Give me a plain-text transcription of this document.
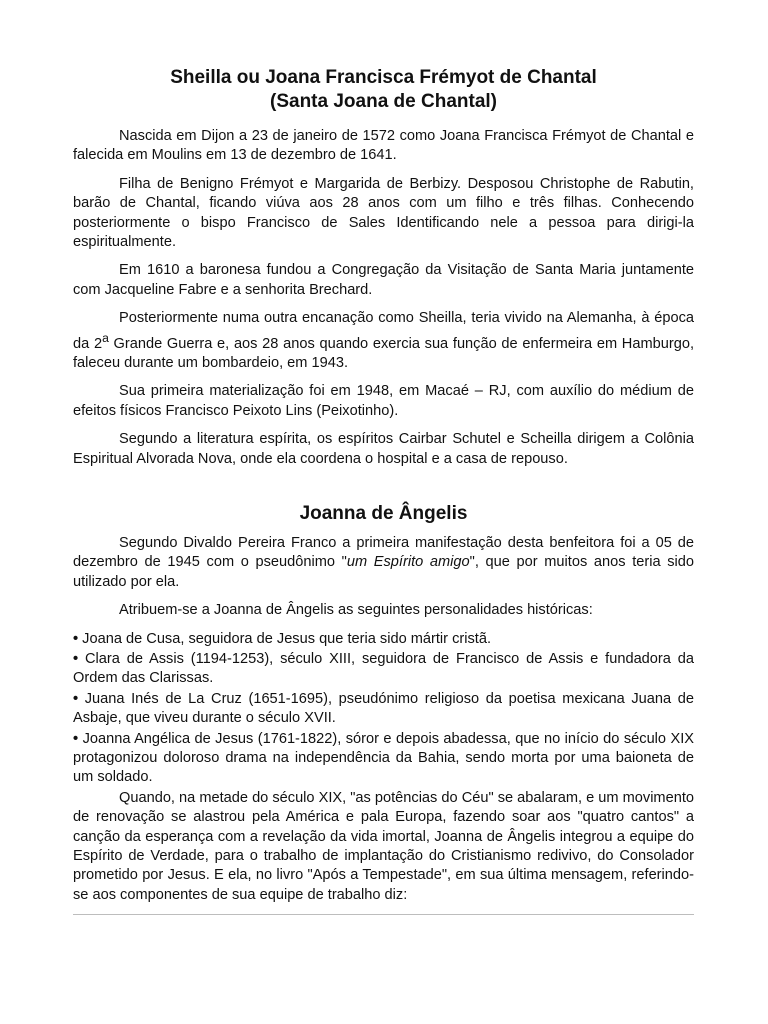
Sheilla ou Joana Francisca Frémyot de Chantal
(Santa Joana de Chantal)

Nascida em Dijon a 23 de janeiro de 1572 como Joana Francisca Frémyot de Chantal e falecida em Moulins em 13 de dezembro de 1641.

Filha de Benigno Frémyot e Margarida de Berbizy. Desposou Christophe de Rabutin, barão de Chantal, ficando viúva aos 28 anos com um filho e três filhas. Conhecendo posteriormente o bispo Francisco de Sales Identificando nele a pessoa para dirigi-la espiritualmente.

Em 1610 a baronesa fundou a Congregação da Visitação de Santa Maria juntamente com Jacqueline Fabre e a senhorita Brechard.

Posteriormente numa outra encanação como Sheilla, teria vivido na Alemanha, à época da 2$^a$ Grande Guerra e, aos 28 anos quando exercia sua função de enfermeira em Hamburgo, faleceu durante um bombardeio, em 1943.

Sua primeira materialização foi em 1948, em Macaé – RJ, com auxílio do médium de efeitos físicos Francisco Peixoto Lins (Peixotinho).

Segundo a literatura espírita, os espíritos Cairbar Schutel e Scheilla dirigem a Colônia Espiritual Alvorada Nova, onde ela coordena o hospital e a casa de repouso.

Joanna de Ângelis

Segundo Divaldo Pereira Franco a primeira manifestação desta benfeitora foi a 05 de dezembro de 1945 com o pseudônimo "um Espírito amigo", que por muitos anos teria sido utilizado por ela.

Atribuem-se a Joanna de Ângelis as seguintes personalidades históricas:

• Joana de Cusa, seguidora de Jesus que teria sido mártir cristã.
• Clara de Assis (1194-1253), século XIII, seguidora de Francisco de Assis e fundadora da Ordem das Clarissas.
• Juana Inés de La Cruz (1651-1695), pseudónimo religioso da poetisa mexicana Juana de Asbaje, que viveu durante o século XVII.
• Joanna Angélica de Jesus (1761-1822), sóror e depois abadessa, que no início do século XIX protagonizou doloroso drama na independência da Bahia, sendo morta por uma baioneta de um soldado.

Quando, na metade do século XIX, "as potências do Céu" se abalaram, e um movimento de renovação se alastrou pela América e pala Europa, fazendo soar aos "quatro cantos" a canção da esperança com a revelação da vida imortal, Joanna de Ângelis integrou a equipe do Espírito de Verdade, para o trabalho de implantação do Cristianismo redivivo, do Consolador prometido por Jesus. E ela, no livro "Após a Tempestade", em sua última mensagem, referindo-se aos componentes de sua equipe de trabalho diz:
